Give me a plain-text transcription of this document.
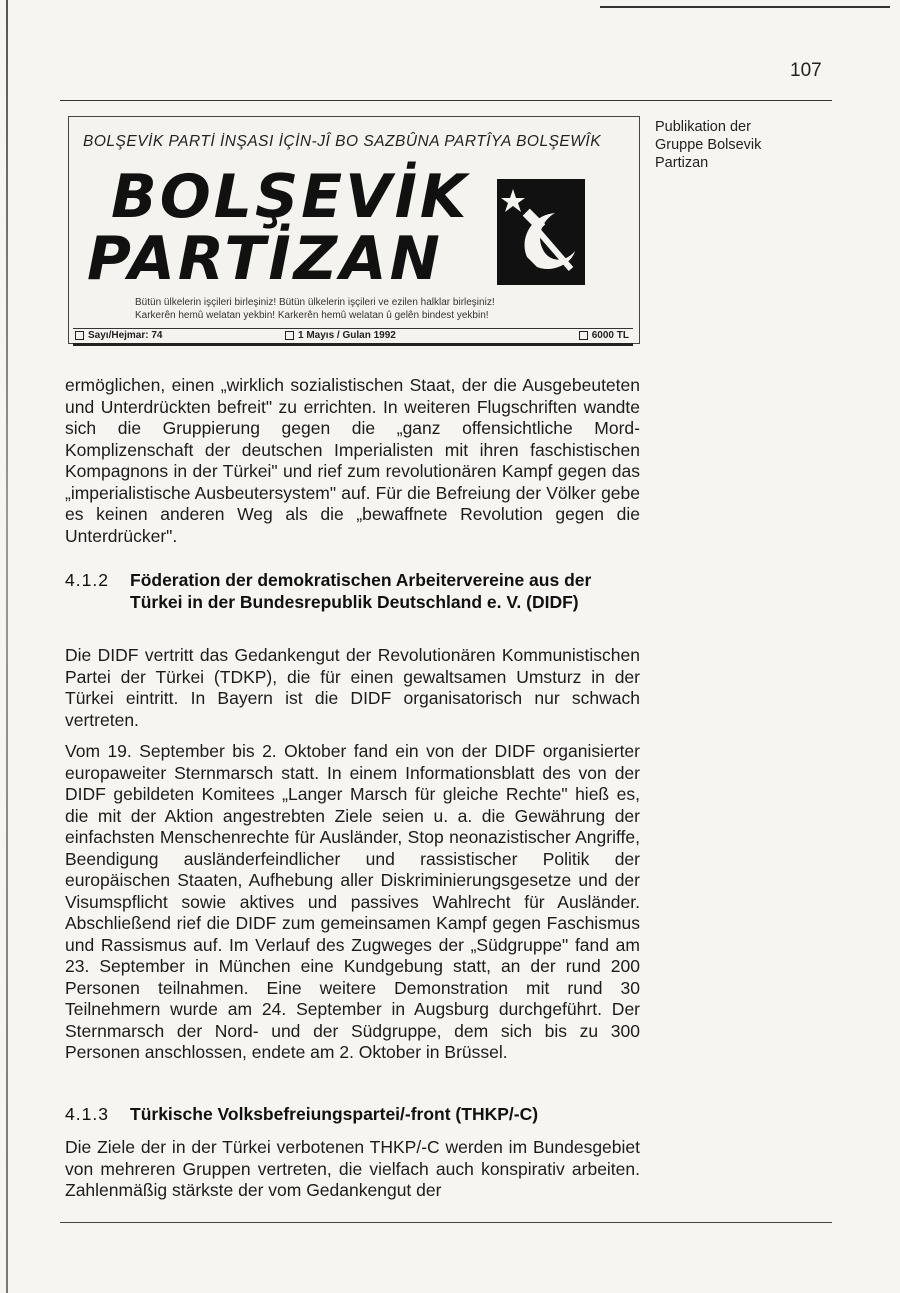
107
Publikation der
Gruppe Bolsevik
Partizan
BOLŞEVİK PARTİ İNŞASI İÇİN-JÎ BO SAZBÛNA PARTÎYA BOLŞEWÎK
BOLŞEVİK
PARTİZAN
Bütün ülkelerin işçileri birleşiniz! Bütün ülkelerin işçileri ve ezilen halklar birleşiniz!
Karkerên hemû welatan yekbin! Karkerên hemû welatan û gelên bindest yekbin!
Sayı/Hejmar: 74	1 Mayıs / Gulan 1992	6000 TL
ermöglichen, einen „wirklich sozialistischen Staat, der die Ausgebeuteten und Unterdrückten befreit" zu errichten. In weiteren Flugschriften wandte sich die Gruppierung gegen die „ganz offensichtliche Mord-Komplizenschaft der deutschen Imperialisten mit ihren faschistischen Kompagnons in der Türkei" und rief zum revolutionären Kampf gegen das „imperialistische Ausbeutersystem" auf. Für die Befreiung der Völker gebe es keinen anderen Weg als die „bewaffnete Revolution gegen die Unterdrücker".
4.1.2	Föderation der demokratischen Arbeitervereine aus der Türkei in der Bundesrepublik Deutschland e. V. (DIDF)
Die DIDF vertritt das Gedankengut der Revolutionären Kommunistischen Partei der Türkei (TDKP), die für einen gewaltsamen Umsturz in der Türkei eintritt. In Bayern ist die DIDF organisatorisch nur schwach vertreten.
Vom 19. September bis 2. Oktober fand ein von der DIDF organisierter europaweiter Sternmarsch statt. In einem Informationsblatt des von der DIDF gebildeten Komitees „Langer Marsch für gleiche Rechte" hieß es, die mit der Aktion angestrebten Ziele seien u. a. die Gewährung der einfachsten Menschenrechte für Ausländer, Stop neonazistischer Angriffe, Beendigung ausländerfeindlicher und rassistischer Politik der europäischen Staaten, Aufhebung aller Diskriminierungsgesetze und der Visumspflicht sowie aktives und passives Wahlrecht für Ausländer. Abschließend rief die DIDF zum gemeinsamen Kampf gegen Faschismus und Rassismus auf. Im Verlauf des Zugweges der „Südgruppe" fand am 23. September in München eine Kundgebung statt, an der rund 200 Personen teilnahmen. Eine weitere Demonstration mit rund 30 Teilnehmern wurde am 24. September in Augsburg durchgeführt. Der Sternmarsch der Nord- und der Südgruppe, dem sich bis zu 300 Personen anschlossen, endete am 2. Oktober in Brüssel.
4.1.3	Türkische Volksbefreiungspartei/-front (THKP/-C)
Die Ziele der in der Türkei verbotenen THKP/-C werden im Bundesgebiet von mehreren Gruppen vertreten, die vielfach auch konspirativ arbeiten. Zahlenmäßig stärkste der vom Gedankengut der
